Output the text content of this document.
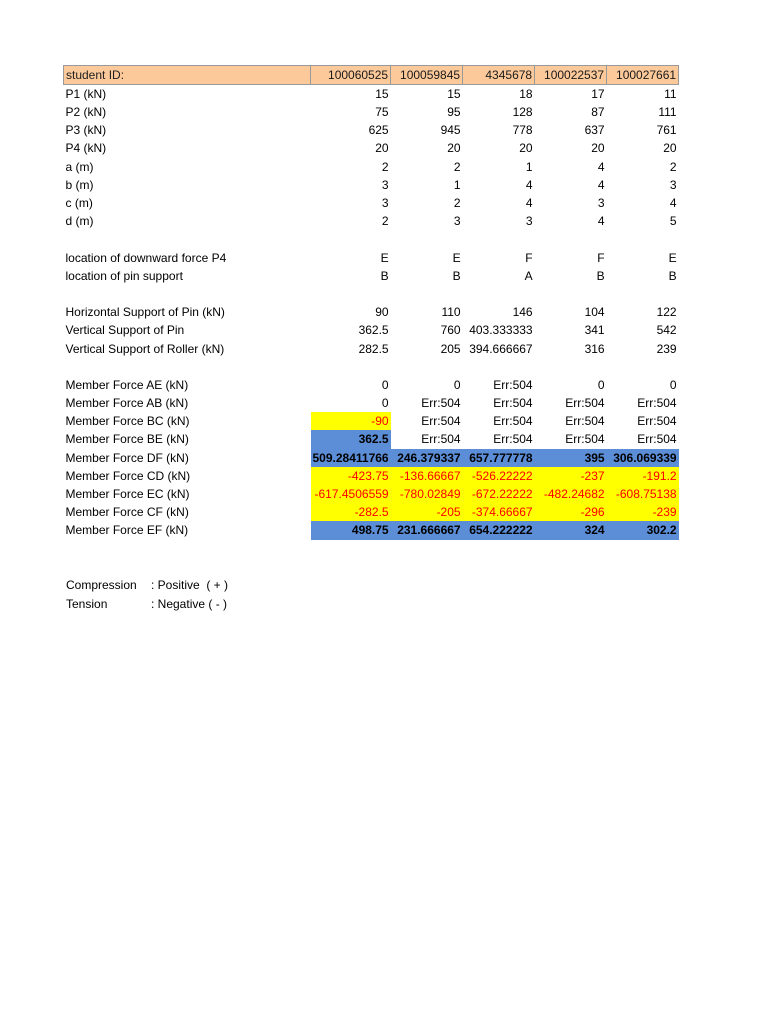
student ID:	100060525	100059845	4345678	100022537	100027661
P1 (kN)	15	15	18	17	11
P2 (kN)	75	95	128	87	111
P3 (kN)	625	945	778	637	761
P4 (kN)	20	20	20	20	20
a (m)	2	2	1	4	2
b (m)	3	1	4	4	3
c (m)	3	2	4	3	4
d (m)	2	3	3	4	5

location of downward force P4	E	E	F	F	E
location of pin support	B	B	A	B	B

Horizontal Support of Pin (kN)	90	110	146	104	122
Vertical Support of Pin	362.5	760	403.333333	341	542
Vertical Support of Roller (kN)	282.5	205	394.666667	316	239

Member Force AE (kN)	0	0	Err:504	0	0
Member Force AB (kN)	0	Err:504	Err:504	Err:504	Err:504
Member Force BC (kN)	-90	Err:504	Err:504	Err:504	Err:504
Member Force BE (kN)	362.5	Err:504	Err:504	Err:504	Err:504
Member Force DF (kN)	509.28411766	246.379337	657.777778	395	306.069339
Member Force CD (kN)	-423.75	-136.66667	-526.22222	-237	-191.2
Member Force EC (kN)	-617.4506559	-780.02849	-672.22222	-482.24682	-608.75138
Member Force CF (kN)	-282.5	-205	-374.66667	-296	-239
Member Force EF (kN)	498.75	231.666667	654.222222	324	302.2
Compression : Positive  ( + )
Tension	: Negative ( - )
